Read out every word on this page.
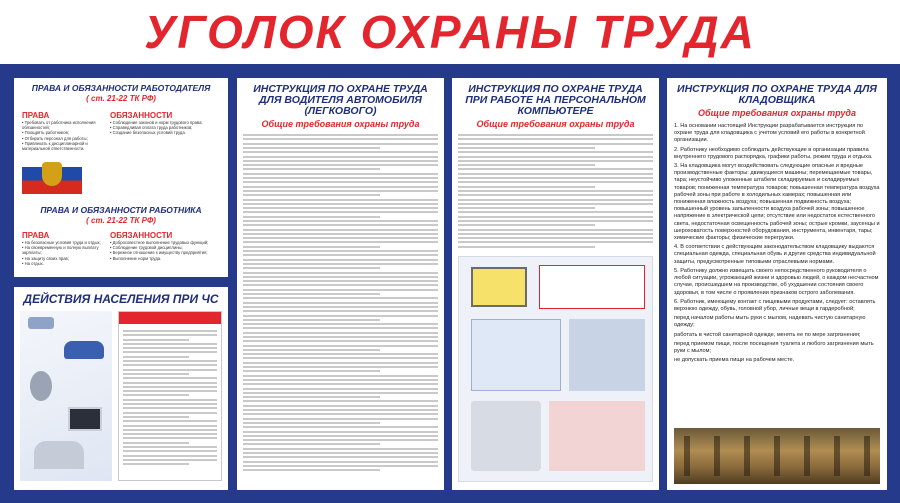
УГОЛОК ОХРАНЫ ТРУДА
ПРАВА И ОБЯЗАННОСТИ РАБОТОДАТЕЛЯ
( ст. 21-22 ТК РФ)
ПРАВА
• Требовать от работника исполнения обязанностей;
• Поощрять работников;
• Отбирать персонал для работы;
• Привлекать к дисциплинарной и материальной ответственности.
ОБЯЗАННОСТИ
• Соблюдение законов и норм трудового права;
• Справедливая оплата труда работников;
• Создание безопасных условий труда.
ПРАВА И ОБЯЗАННОСТИ РАБОТНИКА
( ст. 21-22 ТК РФ)
ПРАВА
• На безопасные условия труда и отдых;
• На своевременную и полную выплату зарплаты;
• На защиту своих прав;
• На отдых.
ОБЯЗАННОСТИ
• Добросовестное выполнение трудовых функций;
• Соблюдение трудовой дисциплины;
• Бережное отношение к имуществу предприятия;
• Выполнение норм труда.
ДЕЙСТВИЯ НАСЕЛЕНИЯ ПРИ ЧС
ИНСТРУКЦИЯ ПО ОХРАНЕ ТРУДА ДЛЯ ВОДИТЕЛЯ АВТОМОБИЛЯ (ЛЕГКОВОГО)
Общие требования охраны труда
ИНСТРУКЦИЯ ПО ОХРАНЕ ТРУДА ПРИ РАБОТЕ НА ПЕРСОНАЛЬНОМ КОМПЬЮТЕРЕ
Общие требования охраны труда
ИНСТРУКЦИЯ ПО ОХРАНЕ ТРУДА ДЛЯ КЛАДОВЩИКА
Общие требования охраны труда

1. На основании настоящей Инструкции разрабатывается инструкция по охране труда для кладовщика с учетом условий его работы в конкретной организации.

2. Работнику необходимо соблюдать действующие в организации правила внутреннего трудового распорядка, графики работы, режим труда и отдыха.

3. На кладовщика могут воздействовать следующие опасные и вредные производственные факторы: движущиеся машины; перемещаемые товары, тара; неустойчиво уложенные штабели складируемых и складируемых товаров; пониженная температура товаров; повышенная температура воздуха рабочей зоны при работе в холодильных камерах; повышенная или пониженная влажность воздуха; повышенная подвижность воздуха; повышенный уровень запыленности воздуха рабочей зоны; повышенное напряжение в электрической цепи; отсутствие или недостаток естественного света, недостаточная освещенность рабочей зоны; острые кромки, заусенцы и шероховатость поверхностей оборудования, инструмента, инвентаря, тары; химические факторы; физические перегрузки.

4. В соответствии с действующим законодательством кладовщику выдаются специальная одежда, специальная обувь и другие средства индивидуальной защиты, предусмотренные типовыми отраслевыми нормами.

5. Работнику должно извещать своего непосредственного руководителя о любой ситуации, угрожающей жизни и здоровью людей, о каждом несчастном случае, происшедшем на производстве, об ухудшении состояния своего здоровья, в том числе о проявлении признаков острого заболевания.

6. Работник, имеющему контакт с пищевыми продуктами, следует: оставлять верхнюю одежду, обувь, головной убор, личные вещи в гардеробной;

перед началом работы мыть руки с мылом, надевать чистую санитарную одежду;

работать в чистой санитарной одежде, менять ее по мере загрязнения;

перед приемом пищи, после посещения туалета и любого загрязнения мыть руки с мылом;

не допускать приема пищи на рабочем месте.
